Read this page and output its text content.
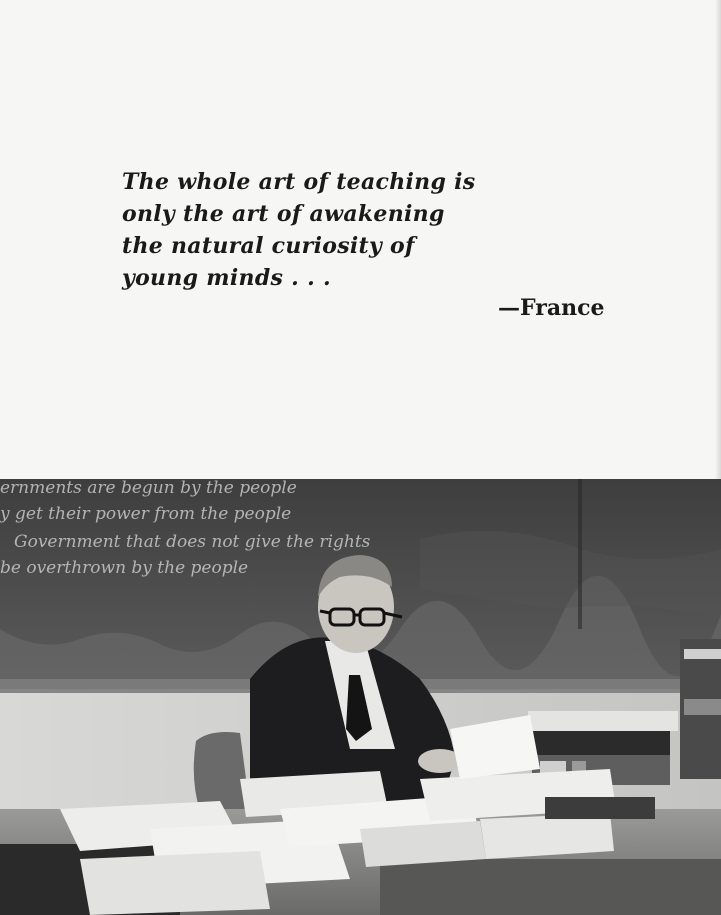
The whole art of teaching is
only the art of awakening
the natural curiosity of
young minds . . .
—France
ernments are begun by the people
y get their power from the people
Government that does not give the rights
be overthrown by the people
